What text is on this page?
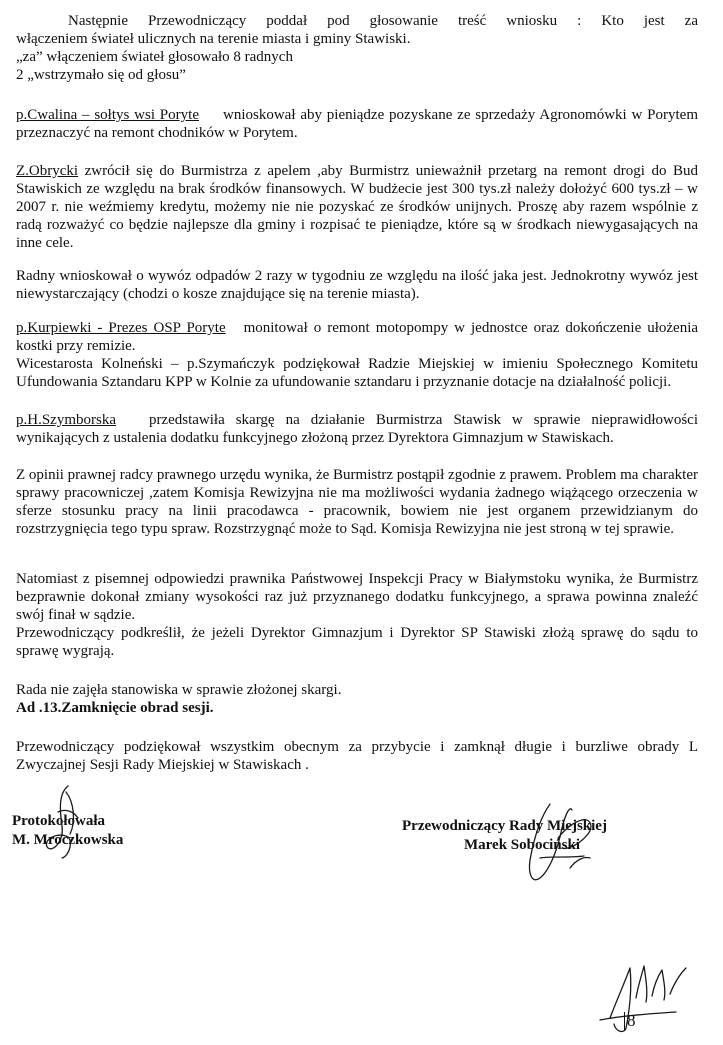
Następnie Przewodniczący poddał pod głosowanie treść wniosku : Kto jest za
włączeniem świateł ulicznych na terenie miasta i gminy Stawiski.
„za” włączeniem świateł głosowało 8 radnych
2 „wstrzymało się od głosu”
p.Cwalina – sołtys wsi Poryte wnioskował aby pieniądze pozyskane ze sprzedaży Agronomówki w Porytem przeznaczyć na remont chodników w Porytem.
Z.Obrycki zwrócił się do Burmistrza z apelem ,aby Burmistrz unieważnił przetarg na remont drogi do Bud Stawiskich ze względu na brak środków finansowych. W budżecie jest 300 tys.zł należy dołożyć 600 tys.zł – w 2007 r. nie weźmiemy kredytu, możemy nie nie pozyskać ze środków unijnych. Proszę aby razem wspólnie z radą rozważyć co będzie najlepsze dla gminy i rozpisać te pieniądze, które są w środkach niewygasających na inne cele.
Radny wnioskował o wywóz odpadów 2 razy w tygodniu ze względu na ilość jaka jest. Jednokrotny wywóz jest niewystarczający (chodzi o kosze znajdujące się na terenie miasta).
p.Kurpiewki - Prezes OSP Poryte monitował o remont motopompy w jednostce oraz dokończenie ułożenia kostki przy remizie.
Wicestarosta Kolneński – p.Szymańczyk podziękował Radzie Miejskiej w imieniu Społecznego Komitetu Ufundowania Sztandaru KPP w Kolnie za ufundowanie sztandaru i przyznanie dotacje na działalność policji.
p.H.Szymborska przedstawiła skargę na działanie Burmistrza Stawisk w sprawie nieprawidłowości wynikających z ustalenia dodatku funkcyjnego złożoną przez Dyrektora Gimnazjum w Stawiskach.
Z opinii prawnej radcy prawnego urzędu wynika, że Burmistrz postąpił zgodnie z prawem. Problem ma charakter sprawy pracowniczej ,zatem Komisja Rewizyjna nie ma możliwości wydania żadnego wiążącego orzeczenia w sferze stosunku pracy na linii pracodawca - pracownik, bowiem nie jest organem przewidzianym do rozstrzygnięcia tego typu spraw. Rozstrzygnąć może to Sąd. Komisja Rewizyjna nie jest stroną w tej sprawie.
Natomiast z pisemnej odpowiedzi prawnika Państwowej Inspekcji Pracy w Białymstoku wynika, że Burmistrz bezprawnie dokonał zmiany wysokości raz już przyznanego dodatku funkcyjnego, a sprawa powinna znaleźć swój finał w sądzie.
Przewodniczący podkreślił, że jeżeli Dyrektor Gimnazjum i Dyrektor SP Stawiski złożą sprawę do sądu to sprawę wygrają.
Rada nie zajęła stanowiska w sprawie złożonej skargi.
Ad .13.Zamknięcie obrad sesji.
Przewodniczący podziękował wszystkim obecnym za przybycie i zamknął długie i burzliwe obrady L Zwyczajnej Sesji Rady Miejskiej w Stawiskach .
Protokołowała
M. Mroczkowska
Przewodniczący Rady Miejskiej
Marek Sobociński
8
